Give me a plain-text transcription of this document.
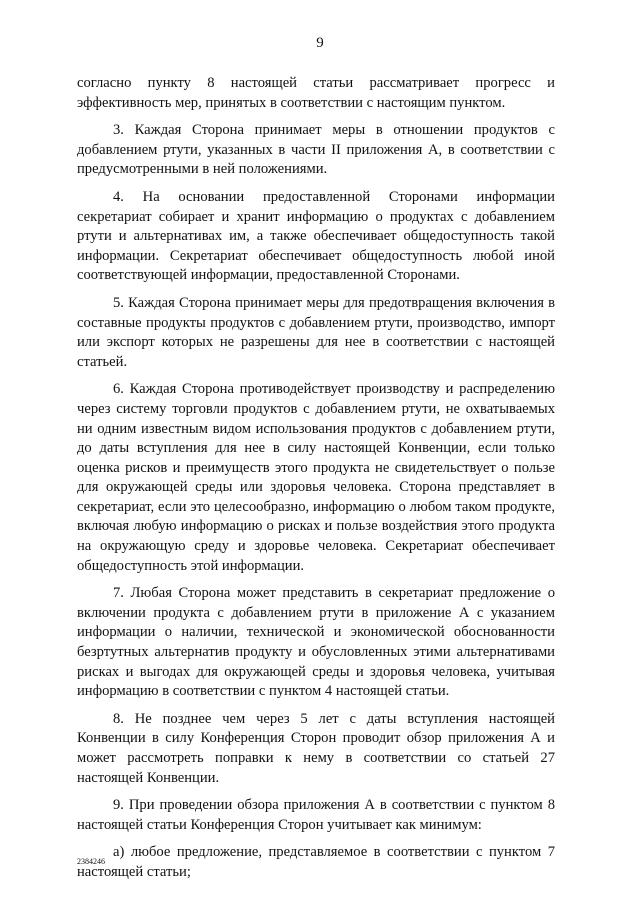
9

согласно пункту 8 настоящей статьи рассматривает прогресс и эффективность мер, принятых в соответствии с настоящим пунктом.

3. Каждая Сторона принимает меры в отношении продуктов с добавлением ртути, указанных в части II приложения А, в соответствии с предусмотренными в ней положениями.

4. На основании предоставленной Сторонами информации секретариат собирает и хранит информацию о продуктах с добавлением ртути и альтернативах им, а также обеспечивает общедоступность такой информации. Секретариат обеспечивает общедоступность любой иной соответствующей информации, предоставленной Сторонами.

5. Каждая Сторона принимает меры для предотвращения включения в составные продукты продуктов с добавлением ртути, производство, импорт или экспорт которых не разрешены для нее в соответствии с настоящей статьей.

6. Каждая Сторона противодействует производству и распределению через систему торговли продуктов с добавлением ртути, не охватываемых ни одним известным видом использования продуктов с добавлением ртути, до даты вступления для нее в силу настоящей Конвенции, если только оценка рисков и преимуществ этого продукта не свидетельствует о пользе для окружающей среды или здоровья человека. Сторона представляет в секретариат, если это целесообразно, информацию о любом таком продукте, включая любую информацию о рисках и пользе воздействия этого продукта на окружающую среду и здоровье человека. Секретариат обеспечивает общедоступность этой информации.

7. Любая Сторона может представить в секретариат предложение о включении продукта с добавлением ртути в приложение А с указанием информации о наличии, технической и экономической обоснованности безртутных альтернатив продукту и обусловленных этими альтернативами рисках и выгодах для окружающей среды и здоровья человека, учитывая информацию в соответствии с пунктом 4 настоящей статьи.

8. Не позднее чем через 5 лет с даты вступления настоящей Конвенции в силу Конференция Сторон проводит обзор приложения А и может рассмотреть поправки к нему в соответствии со статьей 27 настоящей Конвенции.

9. При проведении обзора приложения А в соответствии с пунктом 8 настоящей статьи Конференция Сторон учитывает как минимум:

а) любое предложение, представляемое в соответствии с пунктом 7 настоящей статьи;

2384246
